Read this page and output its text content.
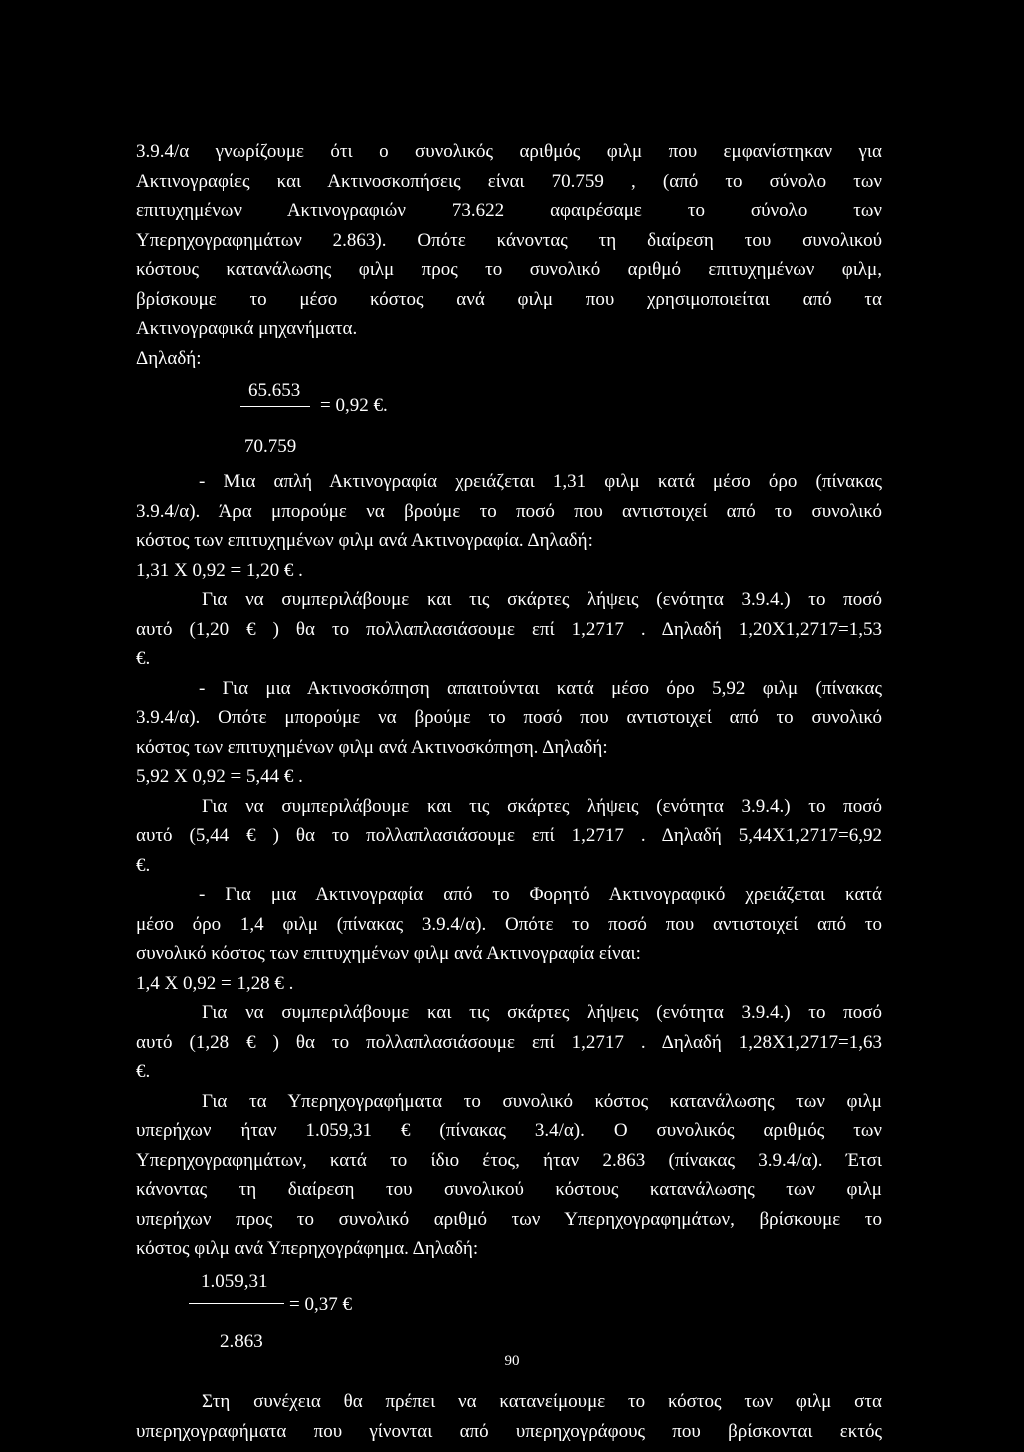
3.9.4/α γνωρίζουμε ότι ο συνολικός αριθμός φιλμ που εμφανίστηκαν για
Ακτινογραφίες και Ακτινοσκοπήσεις είναι 70.759 , (από το σύνολο των
επιτυχημένων Ακτινογραφιών 73.622 αφαιρέσαμε το σύνολο των
Υπερηχογραφημάτων 2.863). Οπότε κάνοντας τη διαίρεση του συνολικού
κόστους κατανάλωσης φιλμ προς το συνολικό αριθμό επιτυχημένων φιλμ,
βρίσκουμε το μέσο κόστος ανά φιλμ που χρησιμοποιείται από τα
Ακτινογραφικά μηχανήματα.
Δηλαδή:
65.653
= 0,92 €.
70.759
- Μια απλή Ακτινογραφία χρειάζεται 1,31 φιλμ κατά μέσο όρο (πίνακας
3.9.4/α). Άρα μπορούμε να βρούμε το ποσό που αντιστοιχεί από το συνολικό
κόστος των επιτυχημένων φιλμ ανά Ακτινογραφία. Δηλαδή:
1,31 Χ 0,92 = 1,20 € .
Για να συμπεριλάβουμε και τις σκάρτες λήψεις (ενότητα 3.9.4.) το ποσό
αυτό (1,20 € ) θα το πολλαπλασιάσουμε επί 1,2717 . Δηλαδή 1,20Χ1,2717=1,53
€.
- Για μια Ακτινοσκόπηση απαιτούνται κατά μέσο όρο 5,92 φιλμ (πίνακας
3.9.4/α). Οπότε μπορούμε να βρούμε το ποσό που αντιστοιχεί από το συνολικό
κόστος των επιτυχημένων φιλμ ανά Ακτινοσκόπηση. Δηλαδή:
5,92 Χ 0,92 = 5,44 € .
Για να συμπεριλάβουμε και τις σκάρτες λήψεις (ενότητα 3.9.4.) το ποσό
αυτό (5,44 € ) θα το πολλαπλασιάσουμε επί 1,2717 . Δηλαδή 5,44Χ1,2717=6,92
€.
- Για μια Ακτινογραφία από το Φορητό Ακτινογραφικό χρειάζεται κατά
μέσο όρο 1,4 φιλμ (πίνακας 3.9.4/α). Οπότε το ποσό που αντιστοιχεί από το
συνολικό κόστος των επιτυχημένων φιλμ ανά Ακτινογραφία είναι:
1,4 Χ 0,92 = 1,28 € .
Για να συμπεριλάβουμε και τις σκάρτες λήψεις (ενότητα 3.9.4.) το ποσό
αυτό (1,28 € ) θα το πολλαπλασιάσουμε επί 1,2717 . Δηλαδή 1,28Χ1,2717=1,63
€.
Για τα Υπερηχογραφήματα το συνολικό κόστος κατανάλωσης των φιλμ
υπερήχων ήταν 1.059,31 € (πίνακας 3.4/α). Ο συνολικός αριθμός των
Υπερηχογραφημάτων, κατά το ίδιο έτος, ήταν 2.863 (πίνακας 3.9.4/α). Έτσι
κάνοντας τη διαίρεση του συνολικού κόστους κατανάλωσης των φιλμ
υπερήχων προς το συνολικό αριθμό των Υπερηχογραφημάτων, βρίσκουμε το
κόστος φιλμ ανά Υπερηχογράφημα. Δηλαδή:
1.059,31
= 0,37 €
2.863
Στη συνέχεια θα πρέπει να κατανείμουμε το κόστος των φιλμ στα
υπερηχογραφήματα που γίνονται από υπερηχογράφους που βρίσκονται εκτός
90
